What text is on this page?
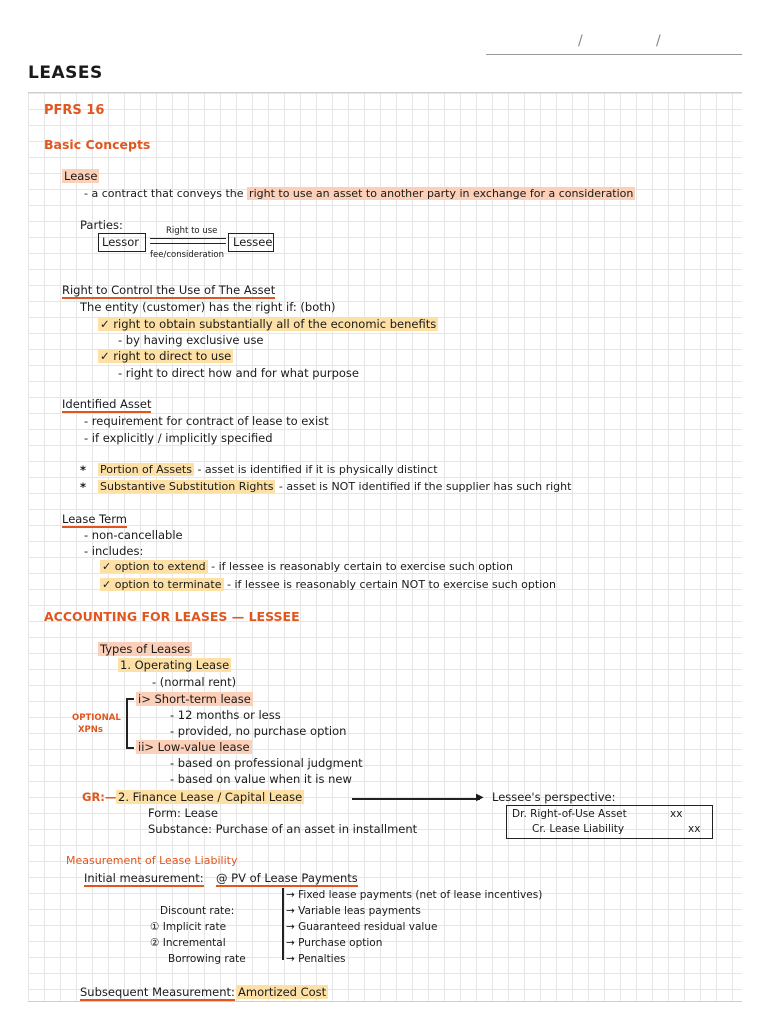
/	/
LEASES
PFRS 16
Basic Concepts
Lease
- a contract that conveys the right to use an asset to another party in exchange for a consideration
Parties:
Lessor	Lessee
Right to use
fee/consideration
Right to Control the Use of The Asset
The entity (customer) has the right if: (both)
✓ right to obtain substantially all of the economic benefits
- by having exclusive use
✓ right to direct to use
- right to direct how and for what purpose
Identified Asset
- requirement for contract of lease to exist
- if explicitly / implicitly specified
* Portion of Assets - asset is identified if it is physically distinct
* Substantive Substitution Rights - asset is NOT identified if the supplier has such right
Lease Term
- non-cancellable
- includes:
✓ option to extend - if lessee is reasonably certain to exercise such option
✓ option to terminate - if lessee is reasonably certain NOT to exercise such option
ACCOUNTING FOR LEASES — LESSEE
Types of Leases
1. Operating Lease
- (normal rent)
OPTIONAL
XPNs
i> Short-term lease
- 12 months or less
- provided, no purchase option
ii> Low-value lease
- based on professional judgment
- based on value when it is new
GR:— 2. Finance Lease / Capital Lease
Form: Lease
Substance: Purchase of an asset in installment
▶ Lessee's perspective:
Dr. Right-of-Use Asset	xx
Cr. Lease Liability	xx
Measurement of Lease Liability
Initial measurement: @ PV of Lease Payments
Discount rate:
① Implicit rate
② Incremental
Borrowing rate
→ Fixed lease payments (net of lease incentives)
→ Variable leas payments
→ Guaranteed residual value
→ Purchase option
→ Penalties
Subsequent Measurement: Amortized Cost
